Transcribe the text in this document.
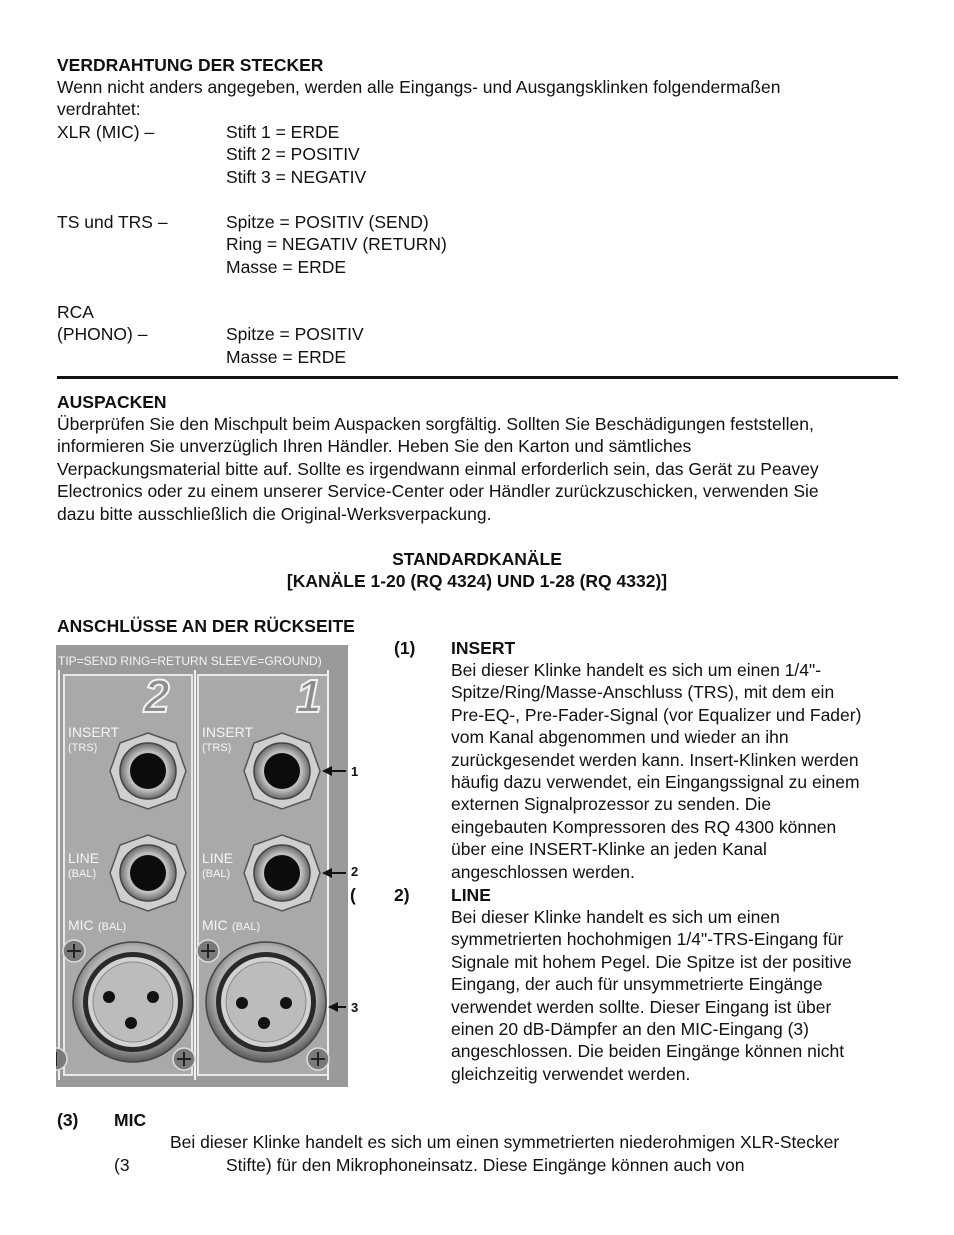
VERDRAHTUNG DER STECKER
Wenn nicht anders angegeben, werden alle Eingangs- und Ausgangsklinken folgendermaßen
verdrahtet:
XLR (MIC) –	Stift 1 = ERDE
Stift 2 = POSITIV
Stift 3 = NEGATIV
TS und TRS –	Spitze = POSITIV (SEND)
Ring = NEGATIV (RETURN)
Masse = ERDE
RCA
(PHONO) –	Spitze = POSITIV
Masse = ERDE
AUSPACKEN
Überprüfen Sie den Mischpult beim Auspacken sorgfältig. Sollten Sie Beschädigungen feststellen,
informieren Sie unverzüglich Ihren Händler. Heben Sie den Karton und sämtliches
Verpackungsmaterial bitte auf. Sollte es irgendwann einmal erforderlich sein, das Gerät zu Peavey
Electronics oder zu einem unserer Service-Center oder Händler zurückzuschicken, verwenden Sie
dazu bitte ausschließlich die Original-Werksverpackung.
STANDARDKANÄLE
[KANÄLE 1-20 (RQ 4324) UND 1-28 (RQ 4332)]
ANSCHLÜSSE AN DER RÜCKSEITE
TIP=SEND RING=RETURN SLEEVE=GROUND)
2	1
INSERT
(TRS)
LINE
(BAL)
MIC (BAL)
INSERT
(TRS)
LINE
(BAL)
MIC (BAL)
1
2
3
(1) INSERT
Bei dieser Klinke handelt es sich um einen 1/4"-
Spitze/Ring/Masse-Anschluss (TRS), mit dem ein
Pre-EQ-, Pre-Fader-Signal (vor Equalizer und Fader)
vom Kanal abgenommen und wieder an ihn
zurückgesendet werden kann. Insert-Klinken werden
häufig dazu verwendet, ein Eingangssignal zu einem
externen Signalprozessor zu senden. Die
eingebauten Kompressoren des RQ 4300 können
über eine INSERT-Klinke an jeden Kanal
angeschlossen werden.
( 2) LINE
Bei dieser Klinke handelt es sich um einen
symmetrierten hochohmigen 1/4"-TRS-Eingang für
Signale mit hohem Pegel. Die Spitze ist der positive
Eingang, der auch für unsymmetrierte Eingänge
verwendet werden sollte. Dieser Eingang ist über
einen 20 dB-Dämpfer an den MIC-Eingang (3)
angeschlossen. Die beiden Eingänge können nicht
gleichzeitig verwendet werden.
(3) MIC
Bei dieser Klinke handelt es sich um einen symmetrierten niederohmigen XLR-Stecker
(3	Stifte) für den Mikrophoneinsatz. Diese Eingänge können auch von
